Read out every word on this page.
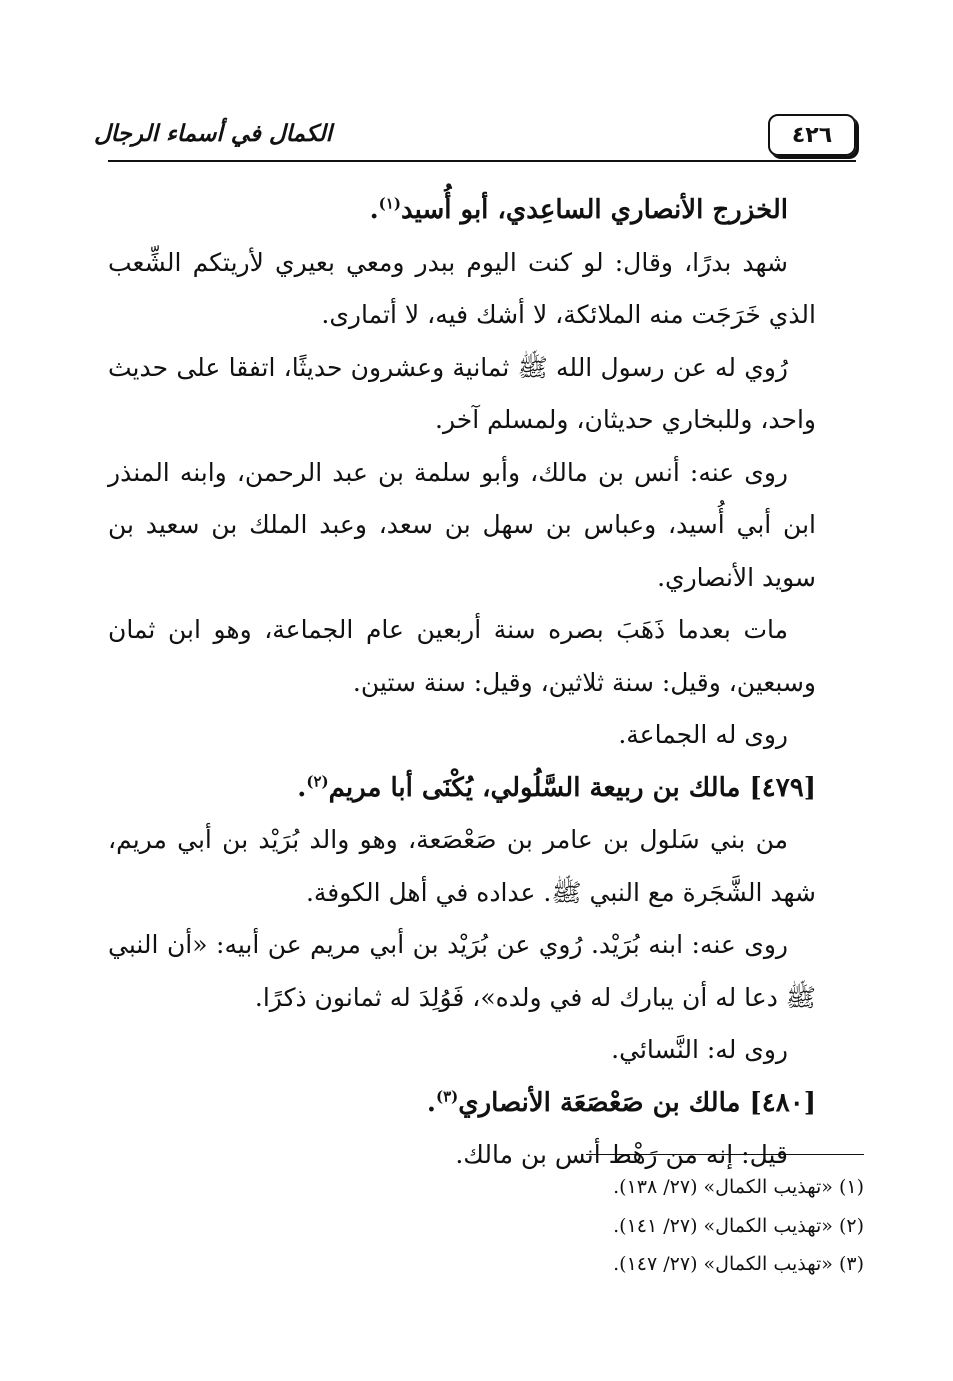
٤٢٦
الكمال في أسماء الرجال

الخزرج الأنصاري الساعِدي، أبو أُسيد$^{(١)}$.

شهد بدرًا، وقال: لو كنت اليوم ببدر ومعي بعيري لأريتكم الشِّعب الذي خَرَجَت منه الملائكة، لا أشك فيه، لا أتمارى.

رُوي له عن رسول الله ﷺ ثمانية وعشرون حديثًا، اتفقا على حديث واحد، وللبخاري حديثان، ولمسلم آخر.

روى عنه: أنس بن مالك، وأبو سلمة بن عبد الرحمن، وابنه المنذر ابن أبي أُسيد، وعباس بن سهل بن سعد، وعبد الملك بن سعيد بن سويد الأنصاري.

مات بعدما ذَهَبَ بصره سنة أربعين عام الجماعة، وهو ابن ثمان وسبعين، وقيل: سنة ثلاثين، وقيل: سنة ستين.

روى له الجماعة.

[٤٧٩] مالك بن ربيعة السَّلُولي، يُكْنَى أبا مريم$^{(٢)}$.

من بني سَلول بن عامر بن صَعْصَعة، وهو والد بُرَيْد بن أبي مريم، شهد الشَّجَرة مع النبي ﷺ. عداده في أهل الكوفة.

روى عنه: ابنه بُرَيْد. رُوي عن بُرَيْد بن أبي مريم عن أبيه: «أن النبي ﷺ دعا له أن يبارك له في ولده»، فَوُلِدَ له ثمانون ذكرًا.

روى له: النَّسائي.

[٤٨٠] مالك بن صَعْصَعَة الأنصاري$^{(٣)}$.

قيل: إنه من رَهْط أنس بن مالك.

(١) «تهذيب الكمال» (٢٧/ ١٣٨).

(٢) «تهذيب الكمال» (٢٧/ ١٤١).

(٣) «تهذيب الكمال» (٢٧/ ١٤٧).
